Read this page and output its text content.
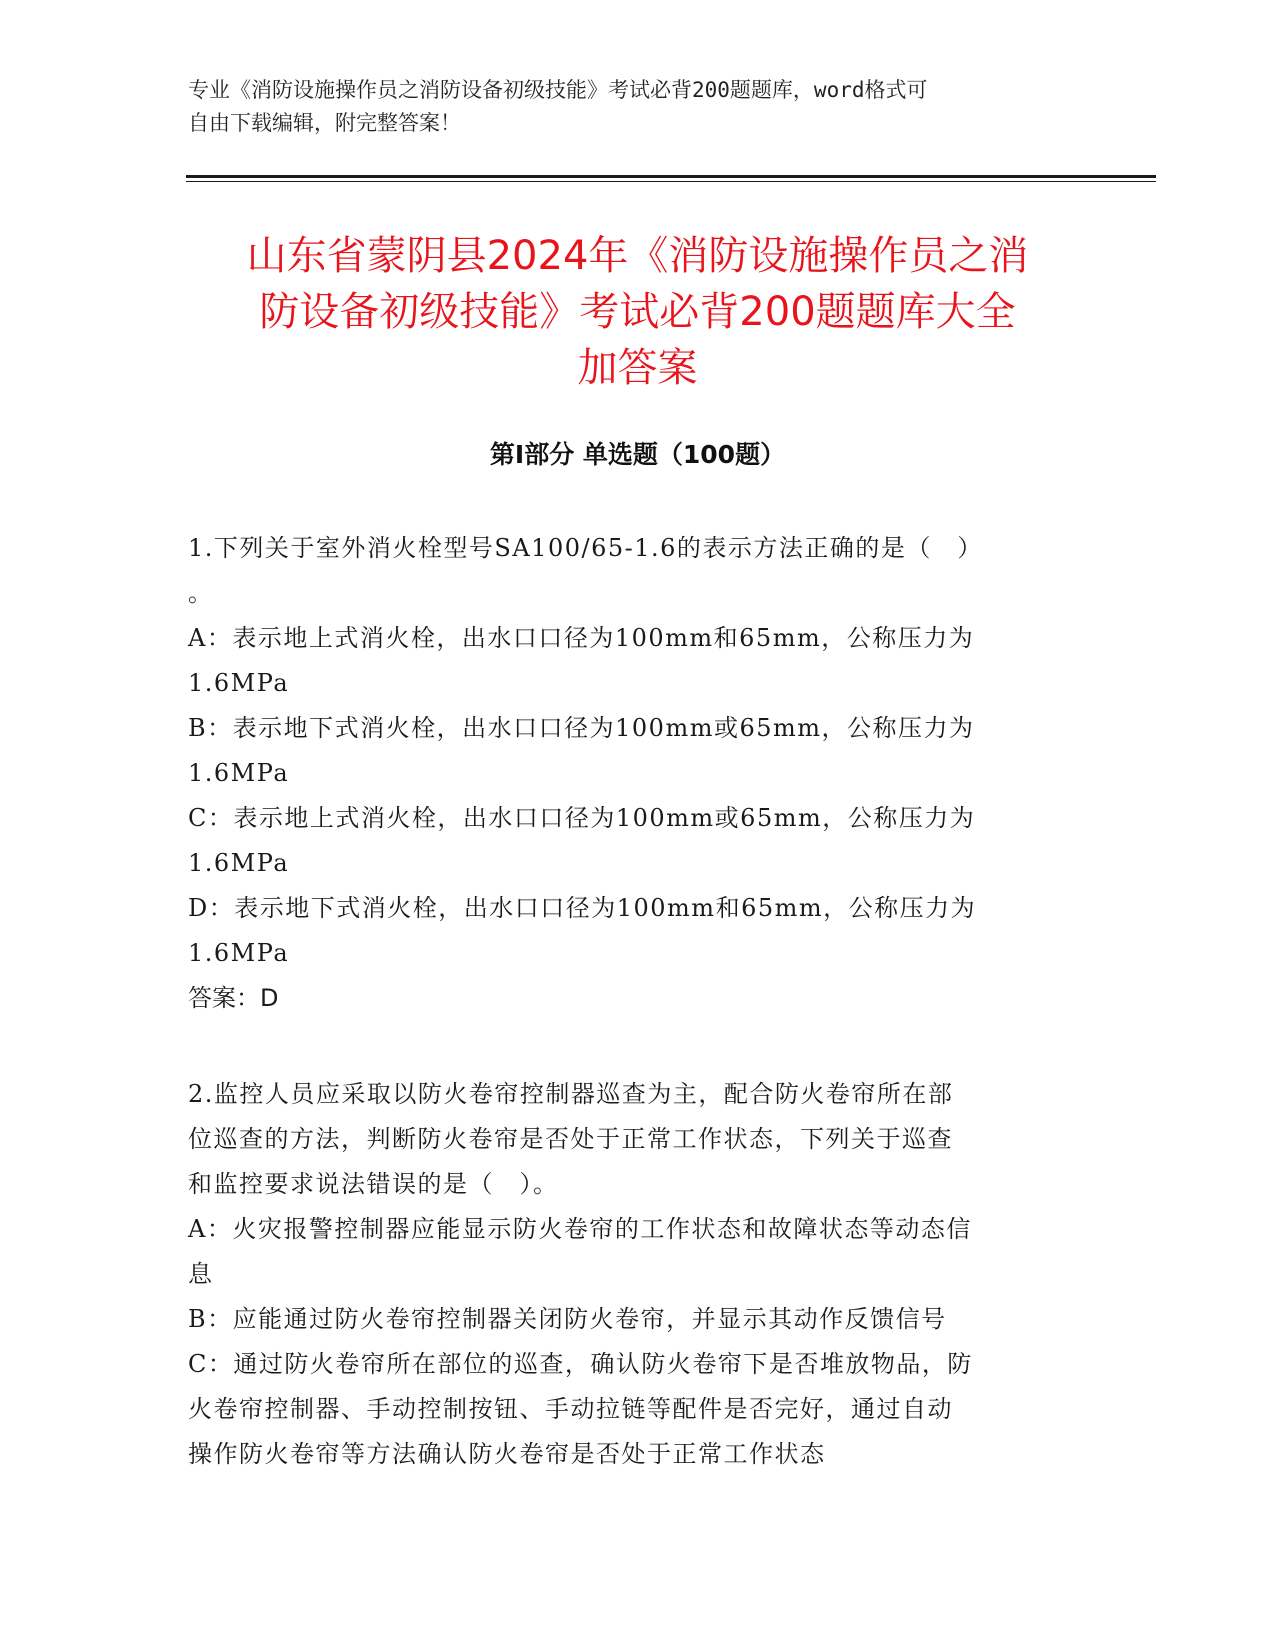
专业《消防设施操作员之消防设备初级技能》考试必背200题题库，word格式可
自由下载编辑，附完整答案！

山东省蒙阴县2024年《消防设施操作员之消
防设备初级技能》考试必背200题题库大全
加答案
第I部分 单选题（100题）

1.下列关于室外消火栓型号SA100/65-1.6的表示方法正确的是（　）
。

A：表示地上式消火栓，出水口口径为100mm和65mm，公称压力为
1.6MPa

B：表示地下式消火栓，出水口口径为100mm或65mm，公称压力为
1.6MPa

C：表示地上式消火栓，出水口口径为100mm或65mm，公称压力为
1.6MPa

D：表示地下式消火栓，出水口口径为100mm和65mm，公称压力为
1.6MPa

答案：D

2.监控人员应采取以防火卷帘控制器巡查为主，配合防火卷帘所在部
位巡查的方法，判断防火卷帘是否处于正常工作状态，下列关于巡查
和监控要求说法错误的是（　）。

A：火灾报警控制器应能显示防火卷帘的工作状态和故障状态等动态信
息

B：应能通过防火卷帘控制器关闭防火卷帘，并显示其动作反馈信号

C：通过防火卷帘所在部位的巡查，确认防火卷帘下是否堆放物品，防
火卷帘控制器、手动控制按钮、手动拉链等配件是否完好，通过自动
操作防火卷帘等方法确认防火卷帘是否处于正常工作状态
